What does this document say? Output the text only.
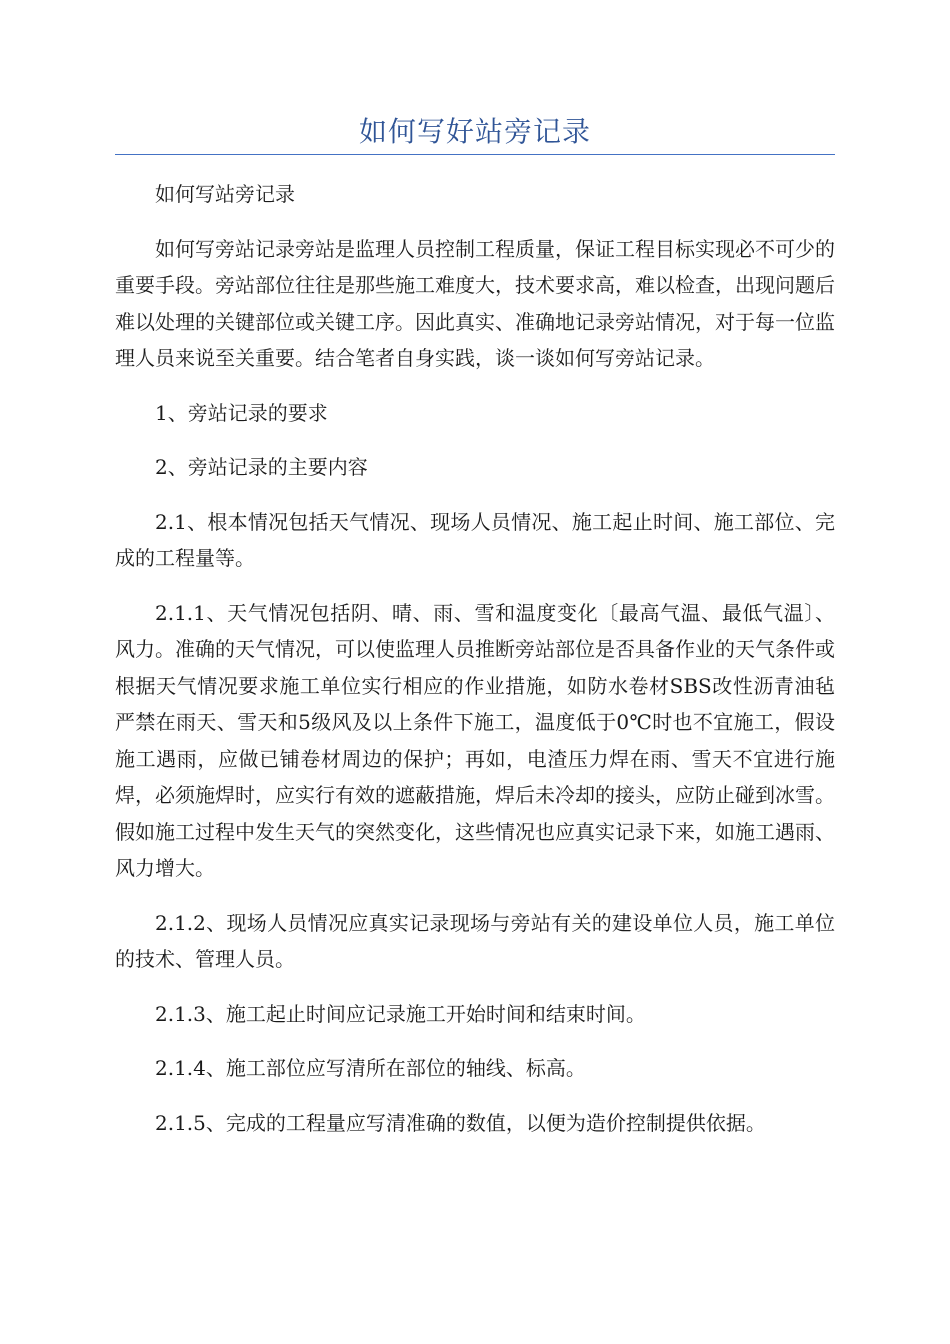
如何写好站旁记录

如何写站旁记录

如何写旁站记录旁站是监理人员控制工程质量，保证工程目标实现必不可少的重要手段。旁站部位往往是那些施工难度大，技术要求高，难以检查，出现问题后难以处理的关键部位或关键工序。因此真实、准确地记录旁站情况，对于每一位监理人员来说至关重要。结合笔者自身实践，谈一谈如何写旁站记录。

1、旁站记录的要求

2、旁站记录的主要内容

2.1、根本情况包括天气情况、现场人员情况、施工起止时间、施工部位、完成的工程量等。

2.1.1、天气情况包括阴、晴、雨、雪和温度变化〔最高气温、最低气温〕、风力。准确的天气情况，可以使监理人员推断旁站部位是否具备作业的天气条件或根据天气情况要求施工单位实行相应的作业措施，如防水卷材SBS改性沥青油毡严禁在雨天、雪天和5级风及以上条件下施工，温度低于0℃时也不宜施工，假设施工遇雨，应做已铺卷材周边的保护；再如，电渣压力焊在雨、雪天不宜进行施焊，必须施焊时，应实行有效的遮蔽措施，焊后未冷却的接头，应防止碰到冰雪。假如施工过程中发生天气的突然变化，这些情况也应真实记录下来，如施工遇雨、风力增大。

2.1.2、现场人员情况应真实记录现场与旁站有关的建设单位人员，施工单位的技术、管理人员。

2.1.3、施工起止时间应记录施工开始时间和结束时间。

2.1.4、施工部位应写清所在部位的轴线、标高。

2.1.5、完成的工程量应写清准确的数值，以便为造价控制提供依据。
